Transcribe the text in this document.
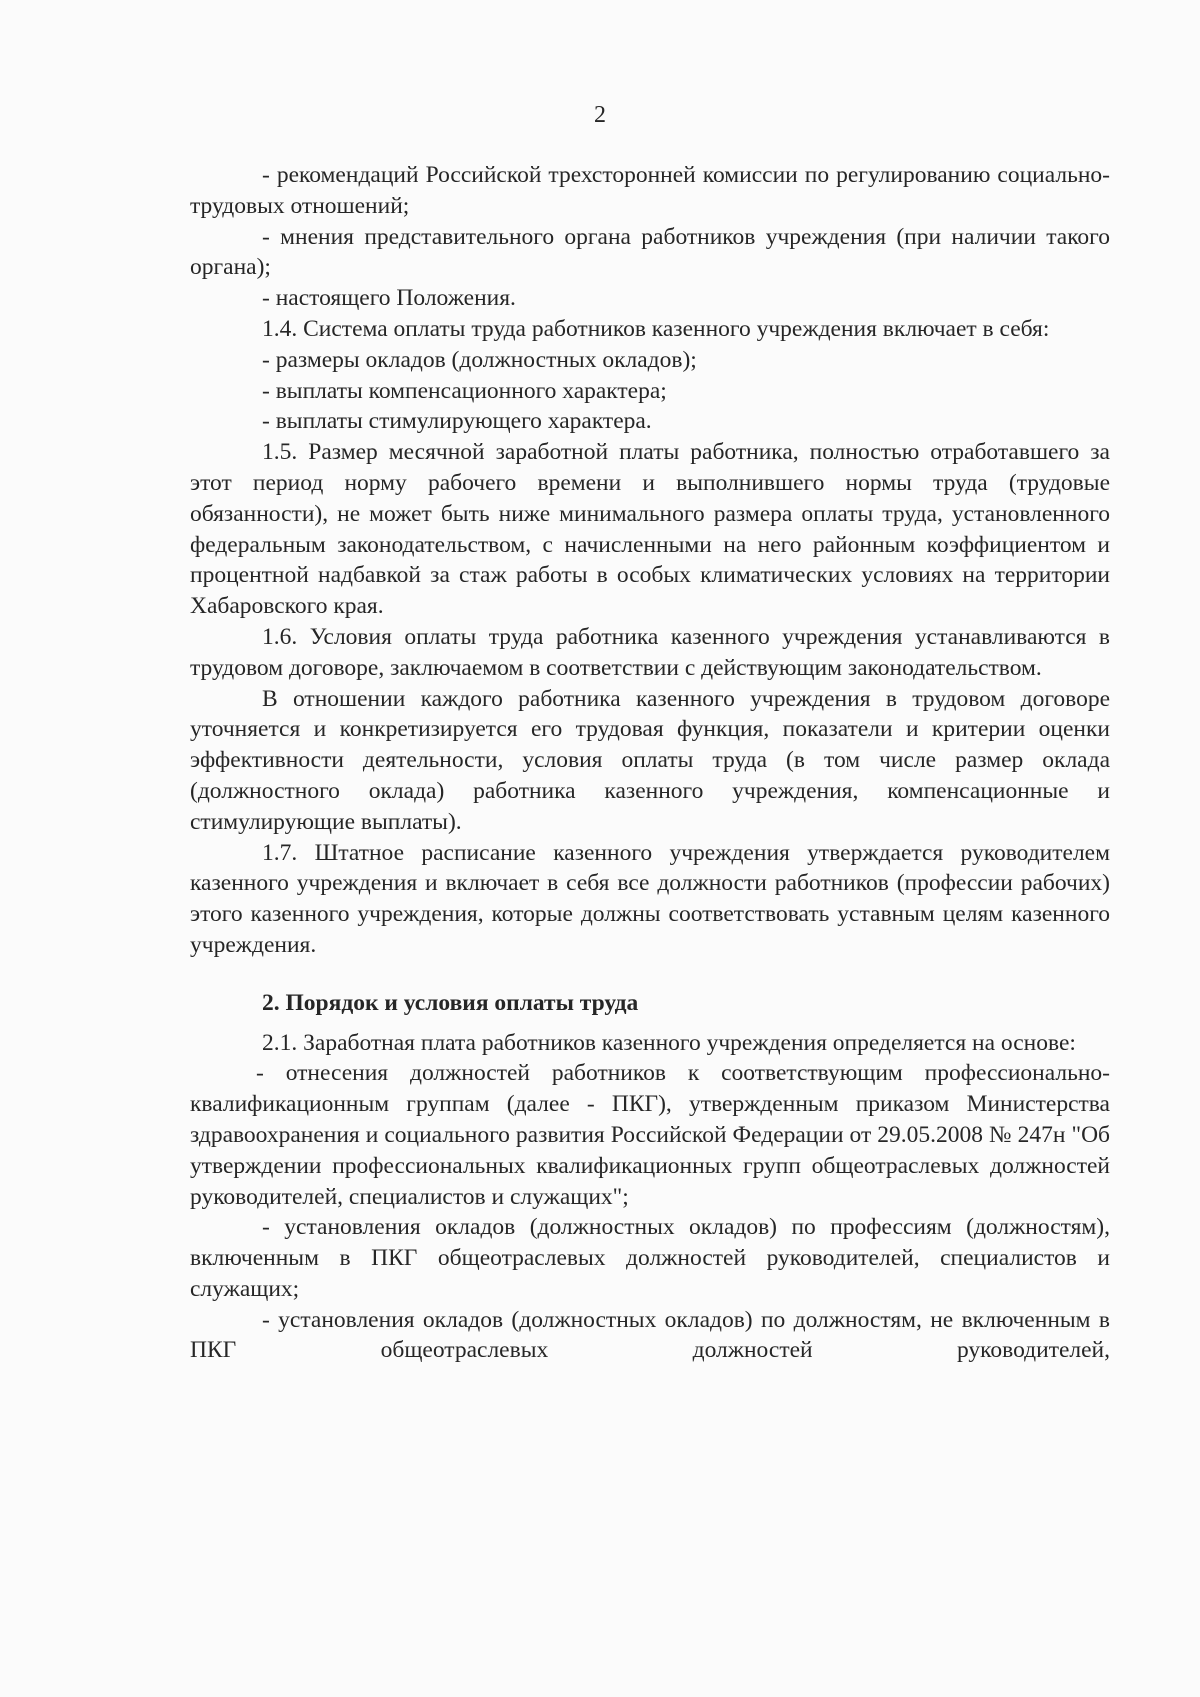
2

- рекомендаций Российской трехсторонней комиссии по регулированию социально-трудовых отношений;

- мнения представительного органа работников учреждения (при наличии такого органа);

- настоящего Положения.

1.4. Система оплаты труда работников казенного учреждения включает в себя:

- размеры окладов (должностных окладов);

- выплаты компенсационного характера;

- выплаты стимулирующего характера.

1.5. Размер месячной заработной платы работника, полностью отработавшего за этот период норму рабочего времени и выполнившего нормы труда (трудовые обязанности), не может быть ниже минимального размера оплаты труда, установленного федеральным законодательством, с начисленными на него районным коэффициентом и процентной надбавкой за стаж работы в особых климатических условиях на территории Хабаровского края.

1.6. Условия оплаты труда работника казенного учреждения устанавливаются в трудовом договоре, заключаемом в соответствии с действующим законодательством.

В отношении каждого работника казенного учреждения в трудовом договоре уточняется и конкретизируется его трудовая функция, показатели и критерии оценки эффективности деятельности, условия оплаты труда (в том числе размер оклада (должностного оклада) работника казенного учреждения, компенсационные и стимулирующие выплаты).

1.7. Штатное расписание казенного учреждения утверждается руководителем казенного учреждения и включает в себя все должности работников (профессии рабочих) этого казенного учреждения, которые должны соответствовать уставным целям казенного учреждения.

2. Порядок и условия оплаты труда

2.1. Заработная плата работников казенного учреждения определяется на основе:

- отнесения должностей работников к соответствующим профессионально-квалификационным группам (далее - ПКГ), утвержденным приказом Министерства здравоохранения и социального развития Российской Федерации от 29.05.2008 № 247н "Об утверждении профессиональных квалификационных групп общеотраслевых должностей руководителей, специалистов и служащих";

- установления окладов (должностных окладов) по профессиям (должностям), включенным в ПКГ общеотраслевых должностей руководителей, специалистов и служащих;

- установления окладов (должностных окладов) по должностям, не включенным в ПКГ общеотраслевых должностей руководителей,
